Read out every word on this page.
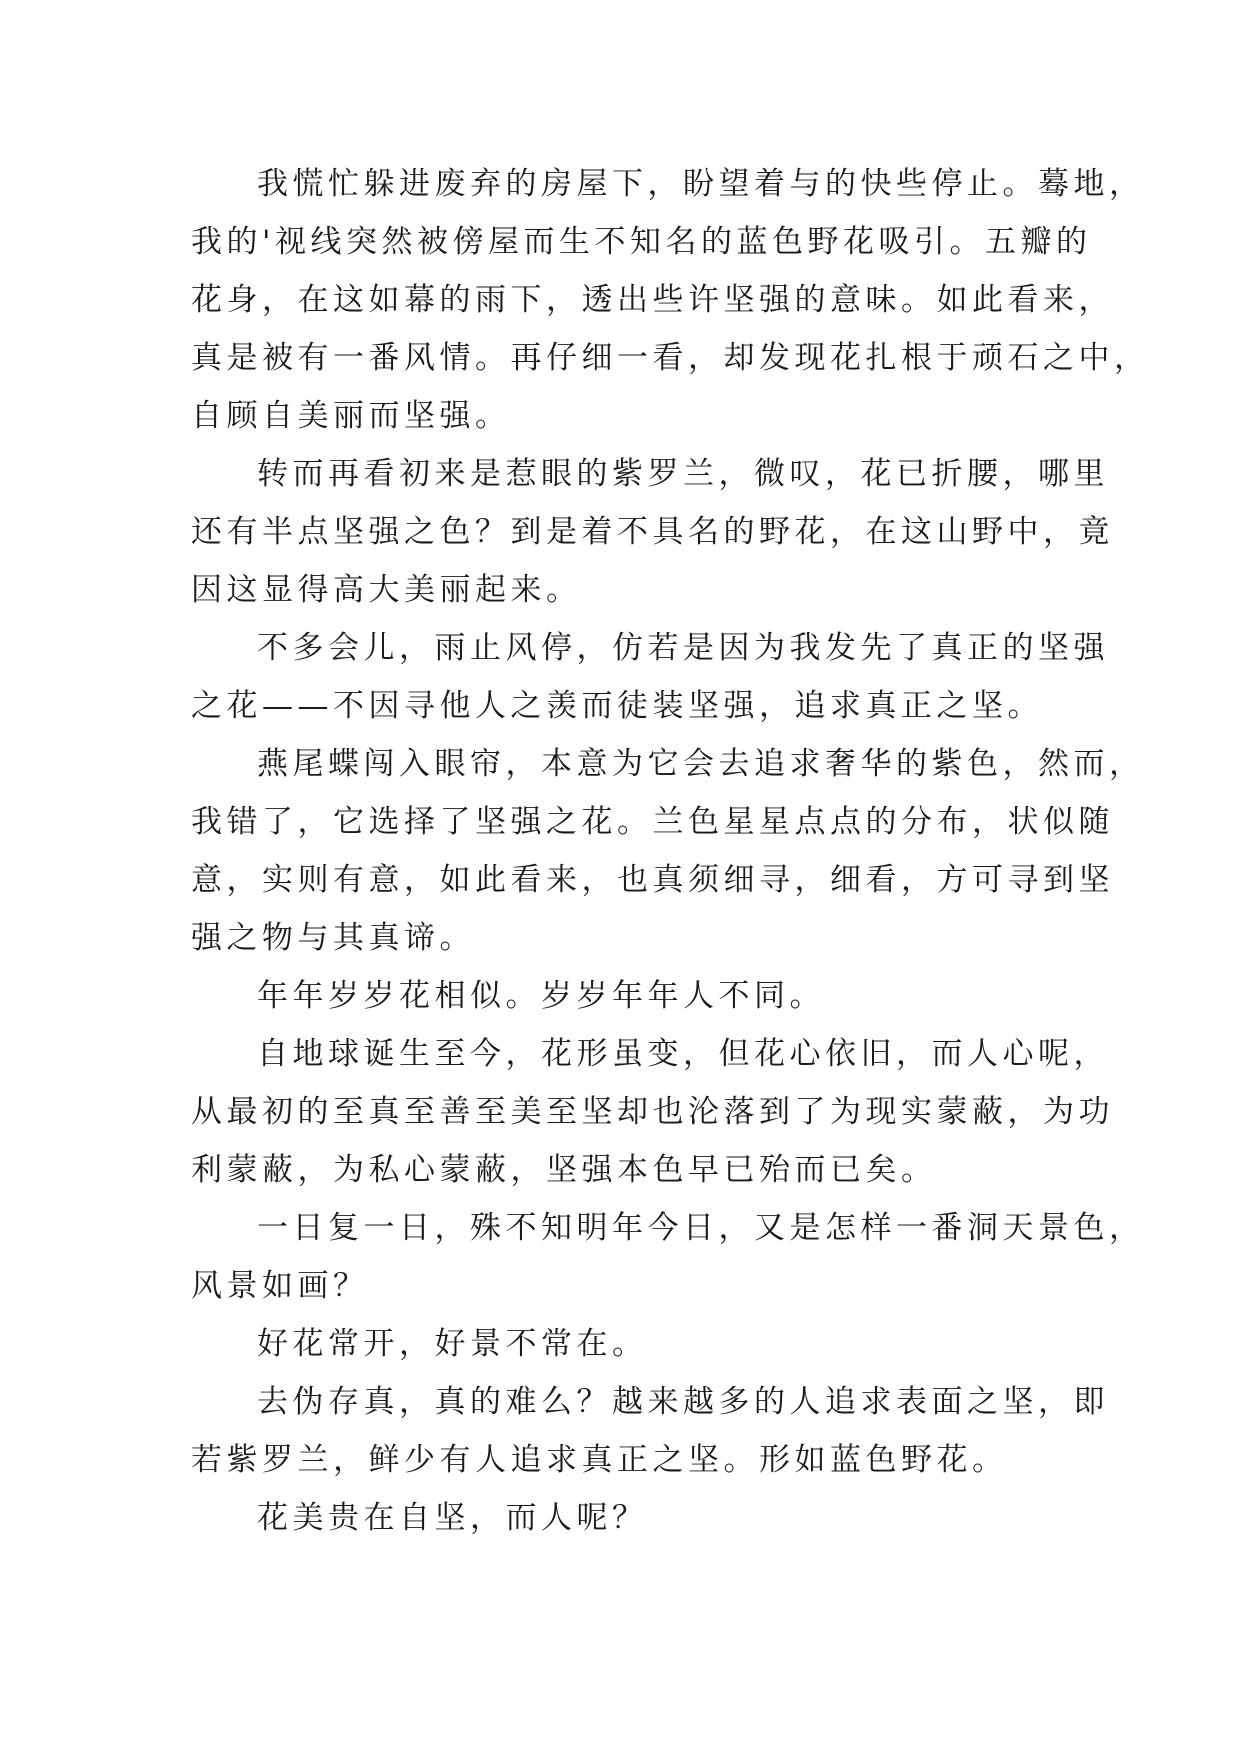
我慌忙躲进废弃的房屋下，盼望着与的快些停止。蓦地，
我的'视线突然被傍屋而生不知名的蓝色野花吸引。五瓣的
花身，在这如幕的雨下，透出些许坚强的意味。如此看来，
真是被有一番风情。再仔细一看，却发现花扎根于顽石之中，
自顾自美丽而坚强。
转而再看初来是惹眼的紫罗兰，微叹，花已折腰，哪里
还有半点坚强之色？到是着不具名的野花，在这山野中，竟
因这显得高大美丽起来。
不多会儿，雨止风停，仿若是因为我发先了真正的坚强
之花——不因寻他人之羡而徒装坚强，追求真正之坚。
燕尾蝶闯入眼帘，本意为它会去追求奢华的紫色，然而，
我错了，它选择了坚强之花。兰色星星点点的分布，状似随
意，实则有意，如此看来，也真须细寻，细看，方可寻到坚
强之物与其真谛。
年年岁岁花相似。岁岁年年人不同。
自地球诞生至今，花形虽变，但花心依旧，而人心呢，
从最初的至真至善至美至坚却也沦落到了为现实蒙蔽，为功
利蒙蔽，为私心蒙蔽，坚强本色早已殆而已矣。
一日复一日，殊不知明年今日，又是怎样一番洞天景色，
风景如画？
好花常开，好景不常在。
去伪存真，真的难么？越来越多的人追求表面之坚，即
若紫罗兰，鲜少有人追求真正之坚。形如蓝色野花。
花美贵在自坚，而人呢？
